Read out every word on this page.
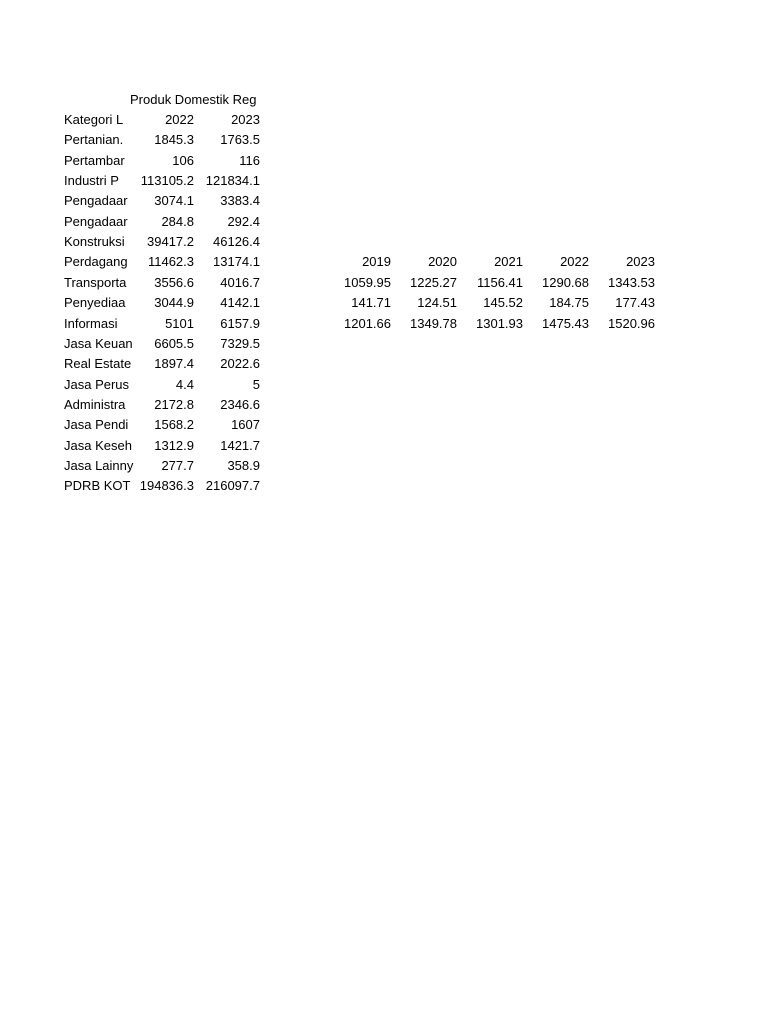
Produk Domestik Reg
Kategori L	2022	2023
Pertanian.	1845.3	1763.5
Pertambar	106	116
Industri P	113105.2 121834.1
Pengadaar	3074.1	3383.4
Pengadaar	284.8	292.4
Konstruksi	39417.2	46126.4
Perdagang	11462.3	13174.1
Transporta	3556.6	4016.7
Penyediaa	3044.9	4142.1
Informasi	5101	6157.9
Jasa Keuan	6605.5	7329.5
Real Estate	1897.4	2022.6
Jasa Perus	4.4	5
Administra	2172.8	2346.6
Jasa Pendi	1568.2	1607
Jasa Keseh	1312.9	1421.7
Jasa Lainny	277.7	358.9
PDRB KOT 194836.3 216097.7
2019	2020	2021	2022	2023
1059.95	1225.27	1156.41	1290.68	1343.53
141.71	124.51	145.52	184.75	177.43
1201.66	1349.78	1301.93	1475.43	1520.96
